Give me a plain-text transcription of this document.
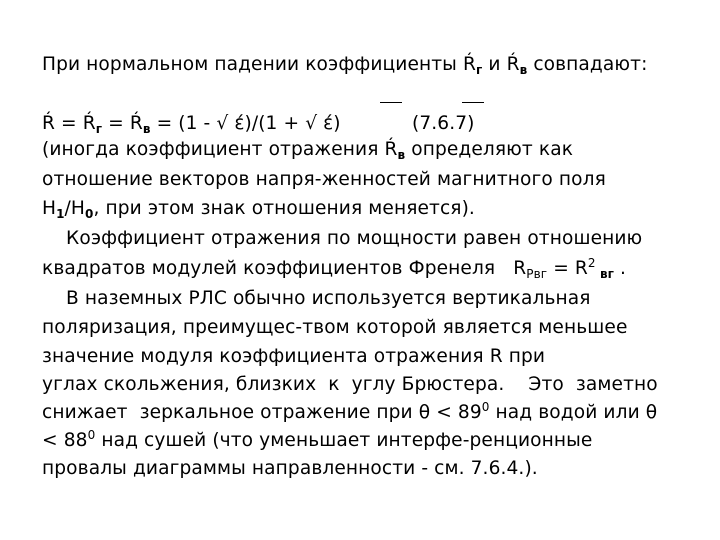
При нормальном падении коэффициенты $Ŕ_г$ и $Ŕ_в$ совпадают:
Ŕ = $Ŕ_г$ = $Ŕ_в = (1$ - √ έ)/(1 + √ έ)	(7.6.7)
(иногда коэффициент отражения $Ŕ_в$ определяют как
отношение векторов напря-женностей магнитного поля
$H_1/H_0$, при этом знак отношения меняется).
Коэффициент отражения по мощности равен отношению
квадратов модулей коэффициентов Френеля   $R_{Pвг} = R^2$ $_{вг}$ .
В наземных РЛС обычно используется вертикальная
поляризация, преимущес-твом которой является меньшее
значение модуля коэффициента отражения R при
углах скольжения, близких  к  углу Брюстера.    Это  заметно
снижает  зеркальное отражение при $\theta < 89^0$ над водой или θ
< $88^0$ над сушей (что уменьшает интерфе-ренционные
провалы диаграммы направленности - см. 7.6.4.).
